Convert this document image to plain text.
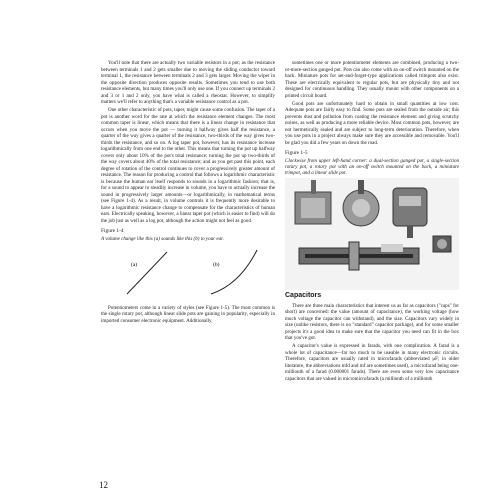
You'll note that there are actually two variable resistors in a pot; as the resistance between terminals 1 and 2 gets smaller due to moving the sliding conductor toward terminal 1, the resistance between terminals 2 and 3 gets larger. Moving the wiper in the opposite direction produces opposite results. Sometimes you tend to use both resistance elements, but many times you'll only use one. If you connect up terminals 2 and 3 or 1 and 2 only, you have what is called a rheostat. However, to simplify matters we'll refer to anything that's a variable resistance control as a pot.

One other characteristic of pots, taper, might cause some confusion. The taper of a pot is another word for the rate at which the resistance element changes. The most common taper is linear, which means that there is a linear change in resistance that occurs when you move the pot — turning it halfway gives half the resistance, a quarter of the way gives a quarter of the resistance, two-thirds of the way gives two-thirds the resistance, and so on. A log taper pot, however, has its resistance increase logarithmically from one end to the other. This means that turning the pot up halfway covers only about 10% of the pot's total resistance; turning the pot up two-thirds of the way covers about 40% of the total resistance; and as you get past this point, each degree of rotation of the control continues to cover a progressively greater amount of resistance. The reason for producing a control that follows a logarithmic characteristic is because the human ear itself responds to sounds in a logarithmic fashion; that is, for a sound to appear to steadily increase in volume, you have to actually increase the sound in progressively larger amounts—or logarithmically, in mathematical terms (see Figure 1-4). As a result, in volume controls it is frequently more desirable to have a logarithmic resistance change to compensate for the characteristics of human ears. Electrically speaking, however, a linear taper pot (which is easier to find) will do the job just as well as a log pot, although the action might not feel as good.

Figure 1-4
A volume change like this (a) sounds like this (b) to your ear.
(a)	(b)

Potentiometers come in a variety of styles (see Figure 1-5). The most common is the single rotary pot, although linear slide pots are gaining in popularity, especially in imported consumer electronic equipment. Additionally,

sometimes one or more potentiometer elements are combined, producing a two-or-more-section ganged pot. Pots can also come with an on-off switch mounted on the back. Miniature pots for set-and-forget-type applications called trimpots also exist. These are electrically equivalent to regular pots, but are physically tiny and not designed for continuous handling. They usually mount with other components on a printed circuit board.

Good pots are unfortunately hard to obtain in small quantities at low cost. Adequate pots are fairly easy to find. Some pots are sealed from the outside air; this prevents dust and pollution from coating the resistance element and giving scratchy noises, as well as producing a more reliable device. Most common pots, however, are not hermetically sealed and are subject to long-term deterioration. Therefore, when you use pots in a project always make sure they are accessible and removable. You'll be glad you did a few years on down the road.

Figure 1-5
Clockwise from upper left-hand corner: a dual-section ganged pot, a single-section rotary pot, a rotary pot with an on-off switch mounted on the back, a miniature trimpot, and a linear slide pot.
Capacitors

There are three main characteristics that interest us as far as capacitors ("caps" for short) are concerned: the value (amount of capacitance), the working voltage (how much voltage the capacitor can withstand), and the size. Capacitors vary widely in size (unlike resistors, there is no "standard" capacitor package), and for some smaller projects it's a good idea to make sure that the capacitor you need can fit in the box that you've got.

A capacitor's value is expressed in farads, with one complication. A farad is a whole lot of capacitance—far too much to be useable in many electronic circuits. Therefore, capacitors are usually rated in microfarads (abbreviated μF; in older literature, the abbreviations mfd and mf are sometimes used), a microfarad being one-millionth of a farad (0.000001 farads). There are even some very low capacitance capacitors that are valued in micromicrofarads (a millionth of a millionth

12
